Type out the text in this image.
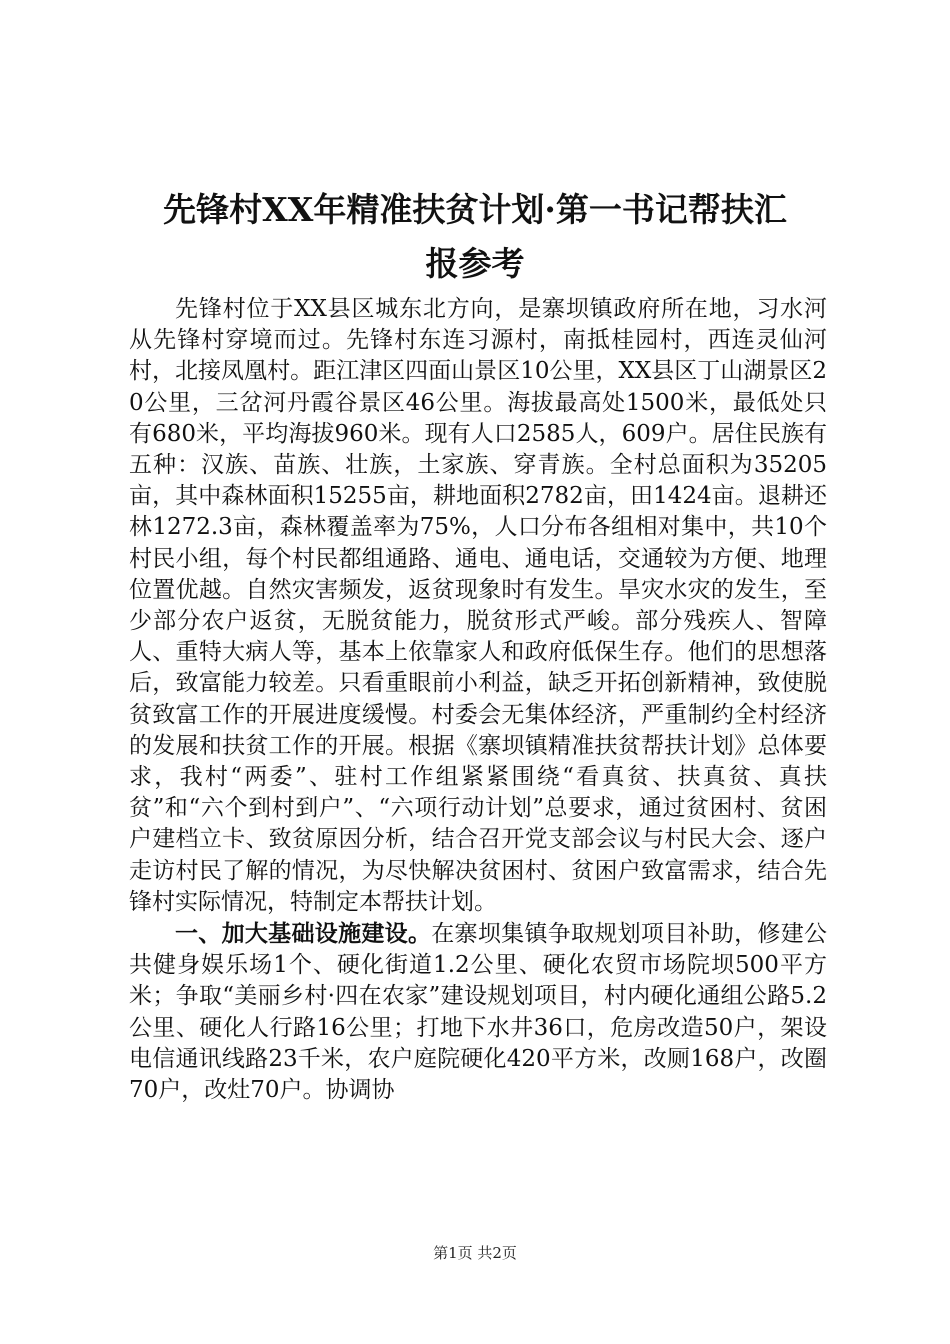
先锋村XX年精准扶贫计划·第一书记帮扶汇
报参考

先锋村位于XX县区城东北方向，是寨坝镇政府所在地，习水河从先锋村穿境而过。先锋村东连习源村，南抵桂园村，西连灵仙河村，北接凤凰村。距江津区四面山景区10公里，XX县区丁山湖景区20公里，三岔河丹霞谷景区46公里。海拔最高处1500米，最低处只有680米，平均海拔960米。现有人口2585人，609户。居住民族有五种：汉族、苗族、壮族，土家族、穿青族。全村总面积为35205亩，其中森林面积15255亩，耕地面积2782亩，田1424亩。退耕还林1272.3亩，森林覆盖率为75%，人口分布各组相对集中，共10个村民小组，每个村民都组通路、通电、通电话，交通较为方便、地理位置优越。自然灾害频发，返贫现象时有发生。旱灾水灾的发生，至少部分农户返贫，无脱贫能力，脱贫形式严峻。部分残疾人、智障人、重特大病人等，基本上依靠家人和政府低保生存。他们的思想落后，致富能力较差。只看重眼前小利益，缺乏开拓创新精神，致使脱贫致富工作的开展进度缓慢。村委会无集体经济，严重制约全村经济的发展和扶贫工作的开展。根据《寨坝镇精准扶贫帮扶计划》总体要求，我村“两委”、驻村工作组紧紧围绕“看真贫、扶真贫、真扶贫”和“六个到村到户”、“六项行动计划”总要求，通过贫困村、贫困户建档立卡、致贫原因分析，结合召开党支部会议与村民大会、逐户走访村民了解的情况，为尽快解决贫困村、贫困户致富需求，结合先锋村实际情况，特制定本帮扶计划。

一、加大基础设施建设。在寨坝集镇争取规划项目补助，修建公共健身娱乐场1个、硬化街道1.2公里、硬化农贸市场院坝500平方米；争取“美丽乡村·四在农家”建设规划项目，村内硬化通组公路5.2公里、硬化人行路16公里；打地下水井36口，危房改造50户，架设电信通讯线路23千米，农户庭院硬化420平方米，改厕168户，改圈70户，改灶70户。协调协

第1页 共2页
